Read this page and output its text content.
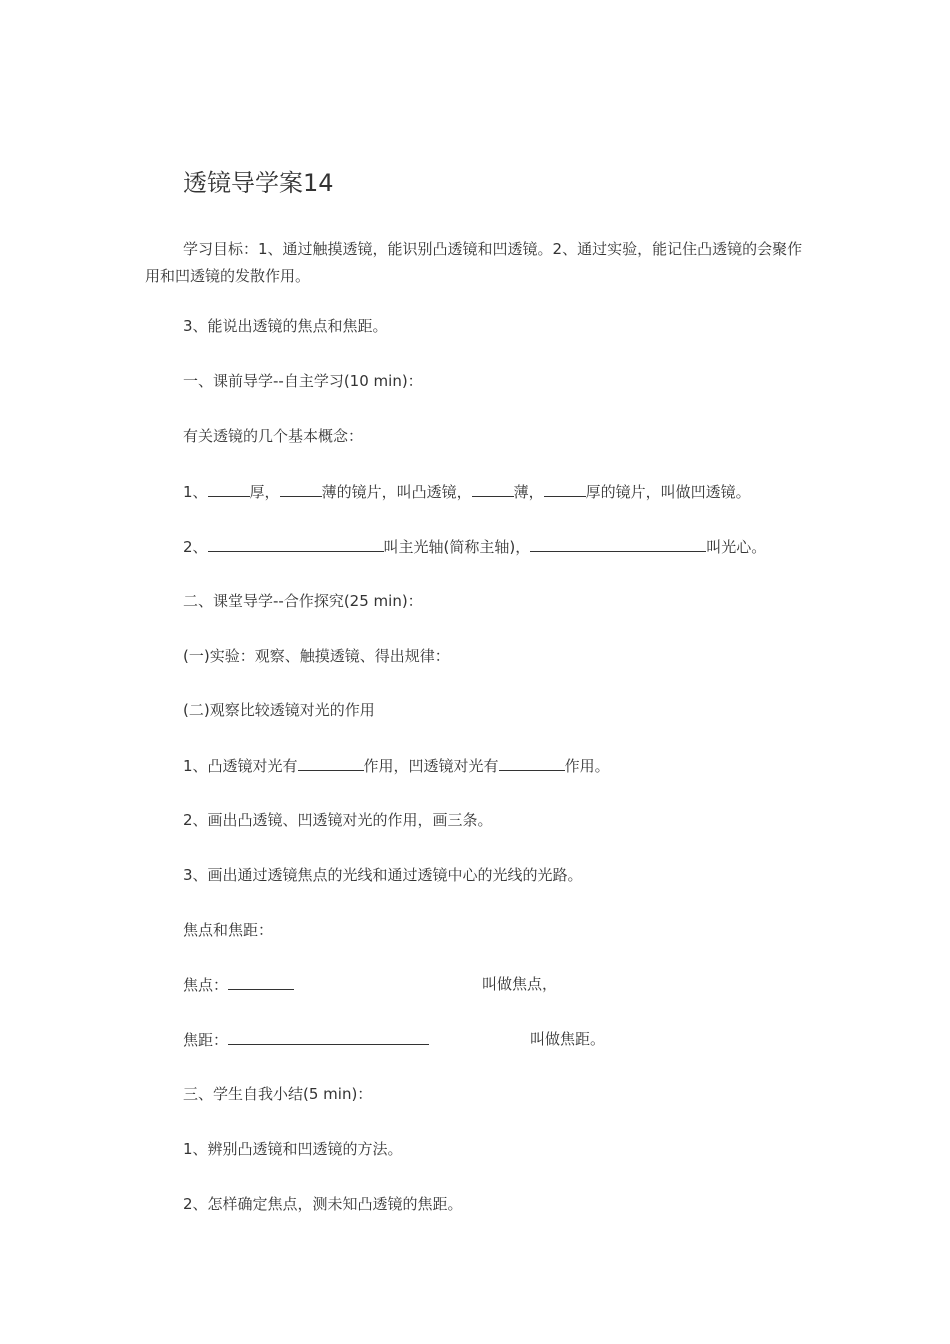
透镜导学案14
学习目标：1、通过触摸透镜，能识别凸透镜和凹透镜。2、通过实验，能记住凸透镜的会聚作用和凹透镜的发散作用。
3、能说出透镜的焦点和焦距。
一、课前导学--自主学习(10 min)：
有关透镜的几个基本概念：
1、	厚，	薄的镜片，叫凸透镜，	薄，	厚的镜片，叫做凹透镜。
2、	叫主光轴(简称主轴)，	叫光心。
二、课堂导学--合作探究(25 min)：
(一)实验：观察、触摸透镜、得出规律：
(二)观察比较透镜对光的作用
1、凸透镜对光有	作用，凹透镜对光有	作用。
2、画出凸透镜、凹透镜对光的作用，画三条。
3、画出通过透镜焦点的光线和通过透镜中心的光线的光路。
焦点和焦距：
焦点：	叫做焦点，
焦距：	叫做焦距。
三、学生自我小结(5 min)：
1、辨别凸透镜和凹透镜的方法。
2、怎样确定焦点，测未知凸透镜的焦距。
